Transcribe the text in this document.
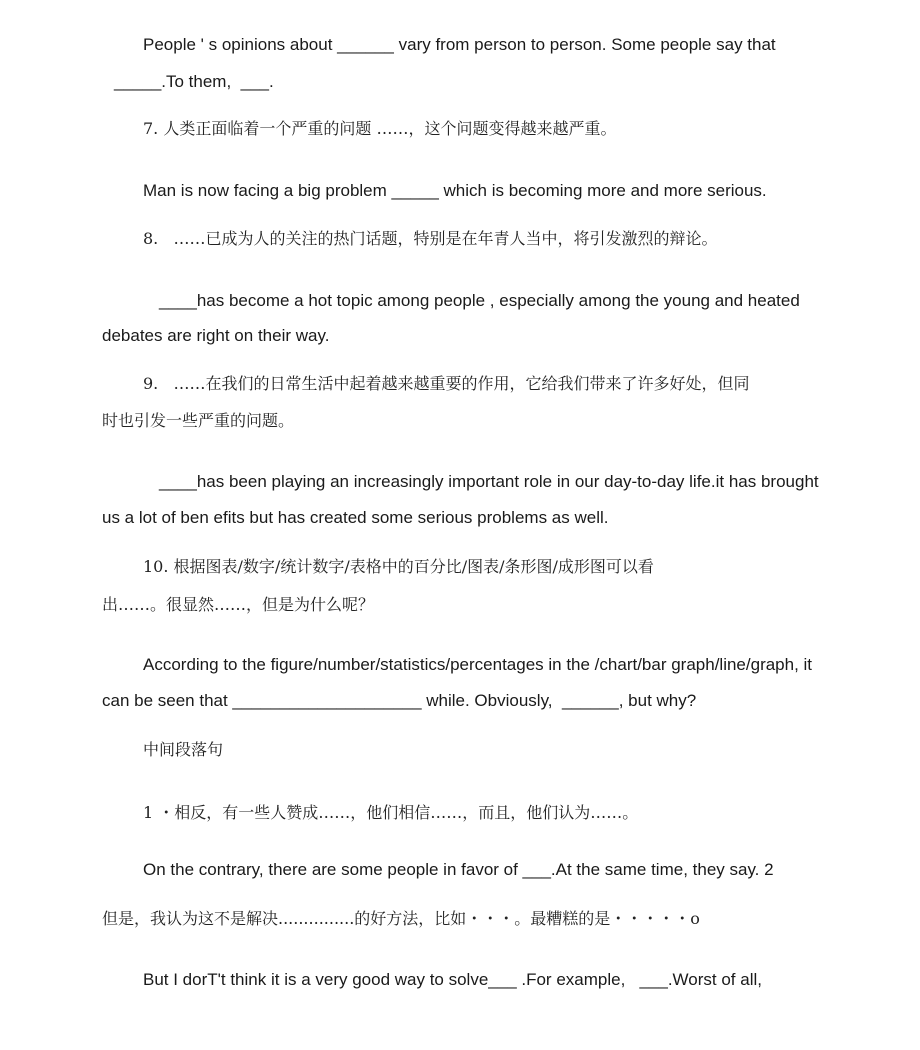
People ' s opinions about ______ vary from person to person. Some people say that
_____.To them,  ___.
7. 人类正面临着一个严重的问题 ……，这个问题变得越来越严重。
Man is now facing a big problem _____ which is becoming more and more serious.
8.   ……已成为人的关注的热门话题，特别是在年青人当中，将引发激烈的辩论。
____has become a hot topic among people , especially among the young and heated
debates are right on their way.
9.   ……在我们的日常生活中起着越来越重要的作用，它给我们带来了许多好处，但同
时也引发一些严重的问题。
____has been playing an increasingly important role in our day-to-day life.it has brought
us a lot of ben efits but has created some serious problems as well.
10. 根据图表/数字/统计数字/表格中的百分比/图表/条形图/成形图可以看
出……。很显然……，但是为什么呢？
According to the figure/number/statistics/percentages in the /chart/bar graph/line/graph, it
can be seen that ____________________ while. Obviously,  ______, but why?
中间段落句
1 ・相反，有一些人赞成……，他们相信……，而且，他们认为……。
On the contrary, there are some people in favor of ___.At the same time, they say. 2
但是，我认为这不是解决...............的好方法，比如・・・。最糟糕的是・・・・・o
But I dorT't think it is a very good way to solve___ .For example,   ___.Worst of all,
